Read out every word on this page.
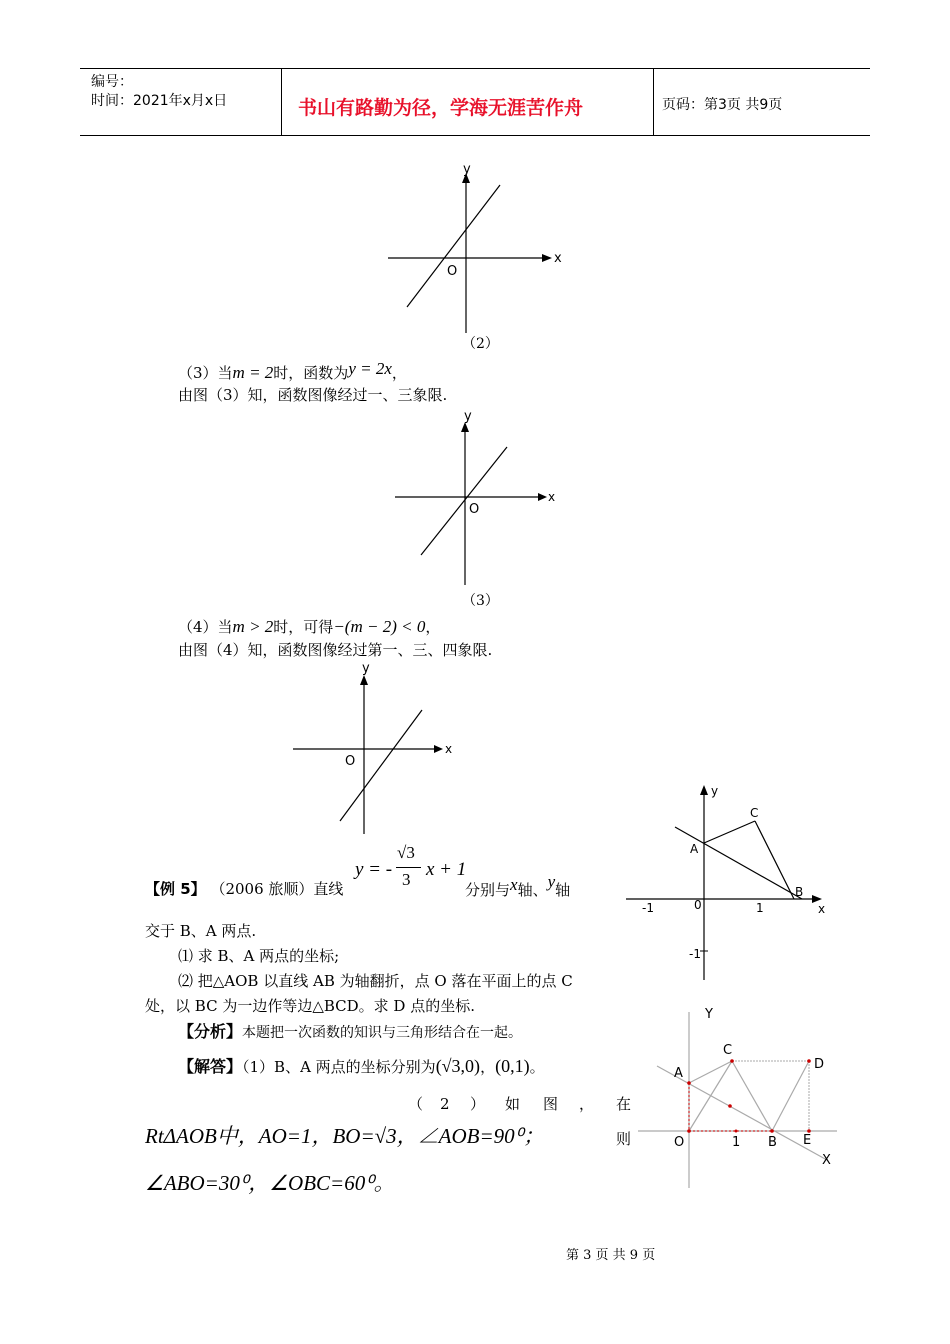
编号：
时间：2021年x月x日	书山有路勤为径，学海无涯苦作舟	页码：第3页 共9页
y
x
O
（2）
（3）当m = 2时，函数为y = 2x，
由图（3）知，函数图像经过一、三象限.
y
x
O
（3）
（4）当m > 2时，可得−(m − 2) < 0，
由图（4）知，函数图像经过第一、三、四象限.
y
x
O
y
x
0
C
A
B
-1	1
-1
y = -
√3
3 x + 1
【例 5】 （2006 旅顺）直线	分别与x轴、y轴
交于 B、A 两点.
⑴ 求 B、A 两点的坐标;
⑵ 把△AOB 以直线 AB 为轴翻折，点 O 落在平面上的点 C
处，以 BC 为一边作等边△BCD。求 D 点的坐标.
【分析】本题把一次函数的知识与三角形结合在一起。
【解答】（1）B、A 两点的坐标分别为(√3,0)，(0,1)。
（ 2 ） 如 图 ， 在
RtΔAOB中，AO=1，BO=√3，∠AOB=90⁰；	则
∠ABO=30⁰，∠OBC=60⁰。
Y
X
O	1
A
B
C
D
E
第 3 页 共 9 页
